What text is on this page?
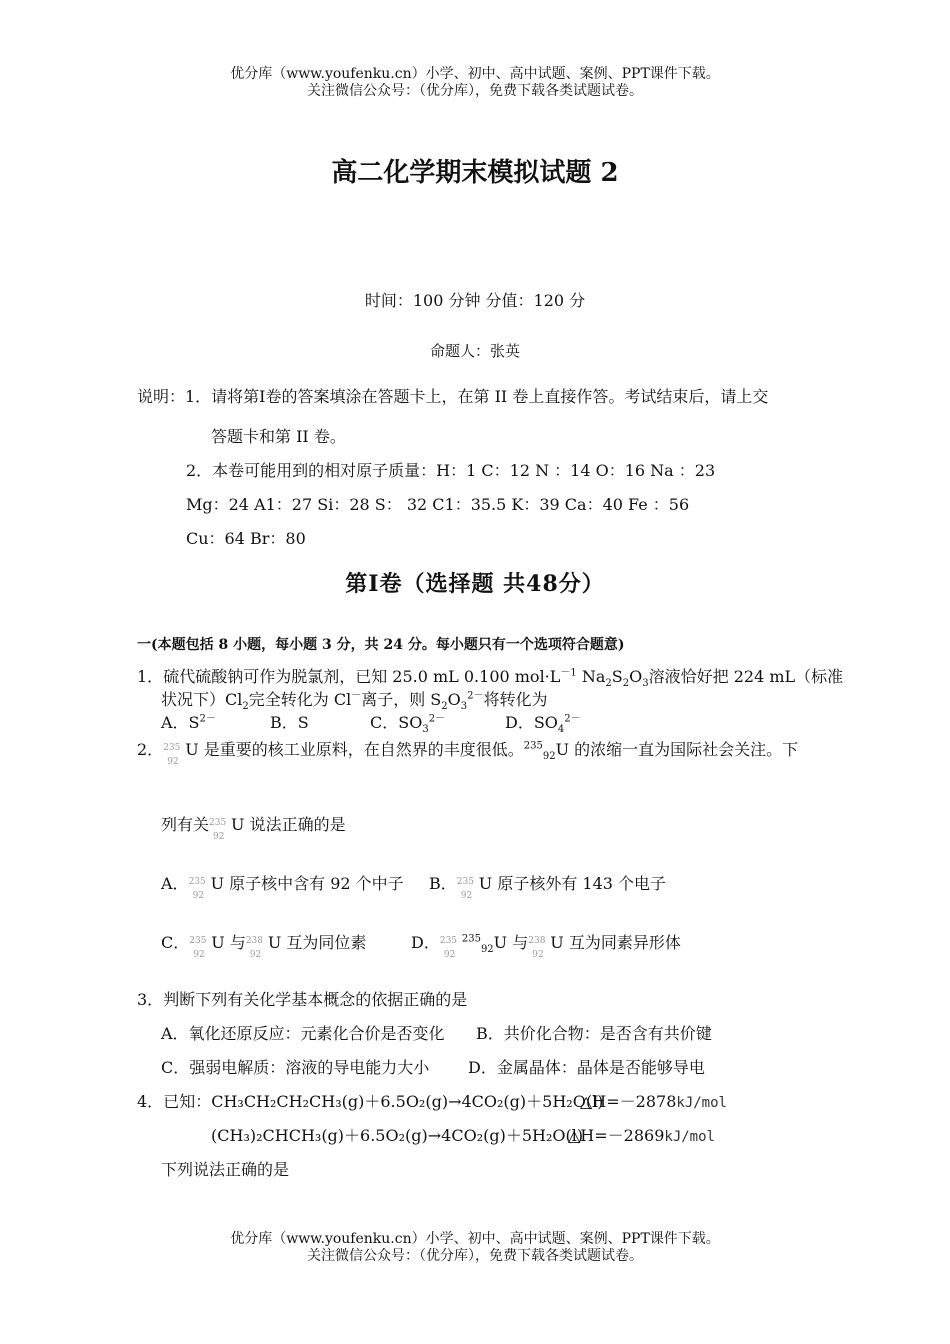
优分库（www.youfenku.cn）小学、初中、高中试题、案例、PPT课件下载。
关注微信公众号：（优分库），免费下载各类试题试卷。
高二化学期末模拟试题 2
时间：100 分钟 分值：120 分
命题人：张英
说明：1．请将第Ⅰ卷的答案填涂在答题卡上，在第 II 卷上直接作答。考试结束后，请上交
答题卡和第 II 卷。
2．本卷可能用到的相对原子质量：H：1 C：12 N ：14 O：16 Na ：23
Mg：24 A1：27 Si：28 S： 32 C1：35.5 K：39 Ca：40 Fe ：56
Cu：64 Br：80
第Ⅰ卷（选择题 共48分）
一(本题包括 8 小题，每小题 3 分，共 24 分。每小题只有一个选项符合题意)
1．硫代硫酸钠可作为脱氯剂，已知 25.0 mL 0.100 $mol\cdot L^{-1}$ $Na_2S_2O_3$溶液恰好把 224 mL（标准
状况下）$Cl_2$完全转化为 Cl－离子，则 $S_2O_3^{2-}$将转化为
A．$S^{2-}$	B．S	C．$SO_3^{2-}$	D．$SO_4^{2-}$
2． 235
92
U 是重要的核工业原料，在自然界的丰度很低。$^{235}_{92}$U 的浓缩一直为国际社会关注。下
列有关 235
92
U 说法正确的是
A． 235
92
U 原子核中含有 92 个中子 B． 235
92
U 原子核外有 143 个电子
C． 235
92
U 与 238
92
U 互为同位素	D． 235
92
$^{235}_{92}$U 与 238
92
U 互为同素异形体
3．判断下列有关化学基本概念的依据正确的是
A．氧化还原反应：元素化合价是否变化 B．共价化合物：是否含有共价键
C．强弱电解质：溶液的导电能力大小 D．金属晶体：晶体是否能够导电
4．已知：CH₃CH₂CH₂CH₃(g)＋6.5O₂(g)→4CO₂(g)＋5H₂O(l)
△H=－2878kJ/mol
(CH₃)₂CHCH₃(g)＋6.5O₂(g)→4CO₂(g)＋5H₂O(l)
△H=－2869kJ/mol
下列说法正确的是
优分库（www.youfenku.cn）小学、初中、高中试题、案例、PPT课件下载。
关注微信公众号：（优分库），免费下载各类试题试卷。
